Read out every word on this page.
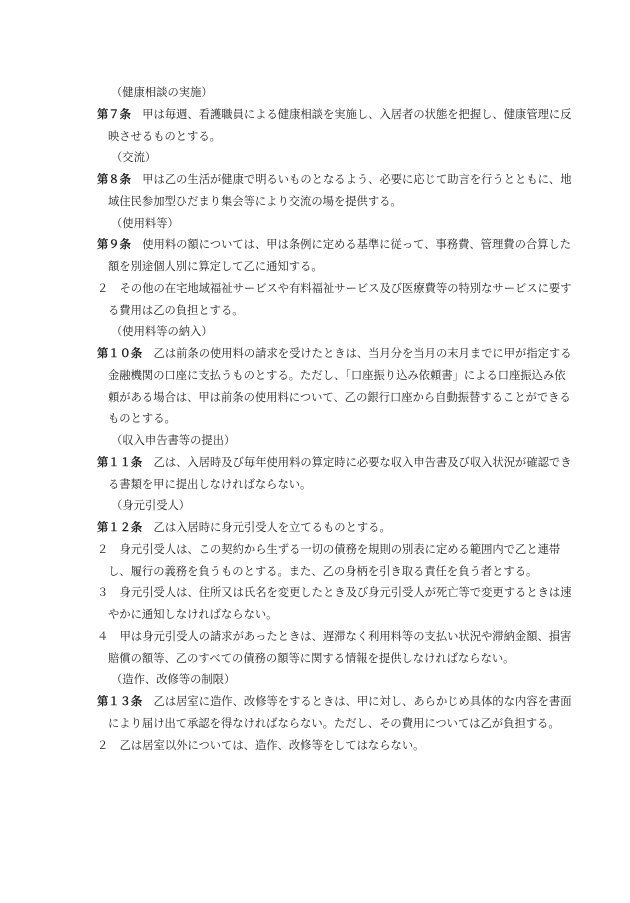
（健康相談の実施）
第７条　 甲は毎週、看護職員による健康相談を実施し、入居者の状態を把握し、健康管理に反映させるものとする。
（交流）
第８条　 甲は乙の生活が健康で明るいものとなるよう、必要に応じて助言を行うとともに、地域住民参加型ひだまり集会等により交流の場を提供する。
（使用料等）
第９条　 使用料の額については、甲は条例に定める基準に従って、事務費、管理費の合算した額を別途個人別に算定して乙に通知する。
２　 その他の在宅地域福祉サービスや有料福祉サービス及び医療費等の特別なサービスに要する費用は乙の負担とする。
（使用料等の納入）
第１０条　 乙は前条の使用料の請求を受けたときは、当月分を当月の末月までに甲が指定する金融機関の口座に支払うものとする。ただし、「口座振り込み依頼書」による口座振込み依頼がある場合は、甲は前条の使用料について、乙の銀行口座から自動振替することができるものとする。
（収入申告書等の提出）
第１１条　 乙は、入居時及び毎年使用料の算定時に必要な収入申告書及び収入状況が確認できる書類を甲に提出しなければならない。
（身元引受人）
第１２条　 乙は入居時に身元引受人を立てるものとする。
２　 身元引受人は、この契約から生ずる一切の債務を規則の別表に定める範囲内で乙と連帯し、履行の義務を負うものとする。また、乙の身柄を引き取る責任を負う者とする。
３　 身元引受人は、住所又は氏名を変更したとき及び身元引受人が死亡等で変更するときは速やかに通知しなければならない。
４　 甲は身元引受人の請求があったときは、遅滞なく利用料等の支払い状況や滞納金額、損害賠償の額等、乙のすべての債務の額等に関する情報を提供しなければならない。
（造作、改修等の制限）
第１３条　 乙は居室に造作、改修等をするときは、甲に対し、あらかじめ具体的な内容を書面により届け出て承認を得なければならない。ただし、その費用については乙が負担する。
２　 乙は居室以外については、造作、改修等をしてはならない。
